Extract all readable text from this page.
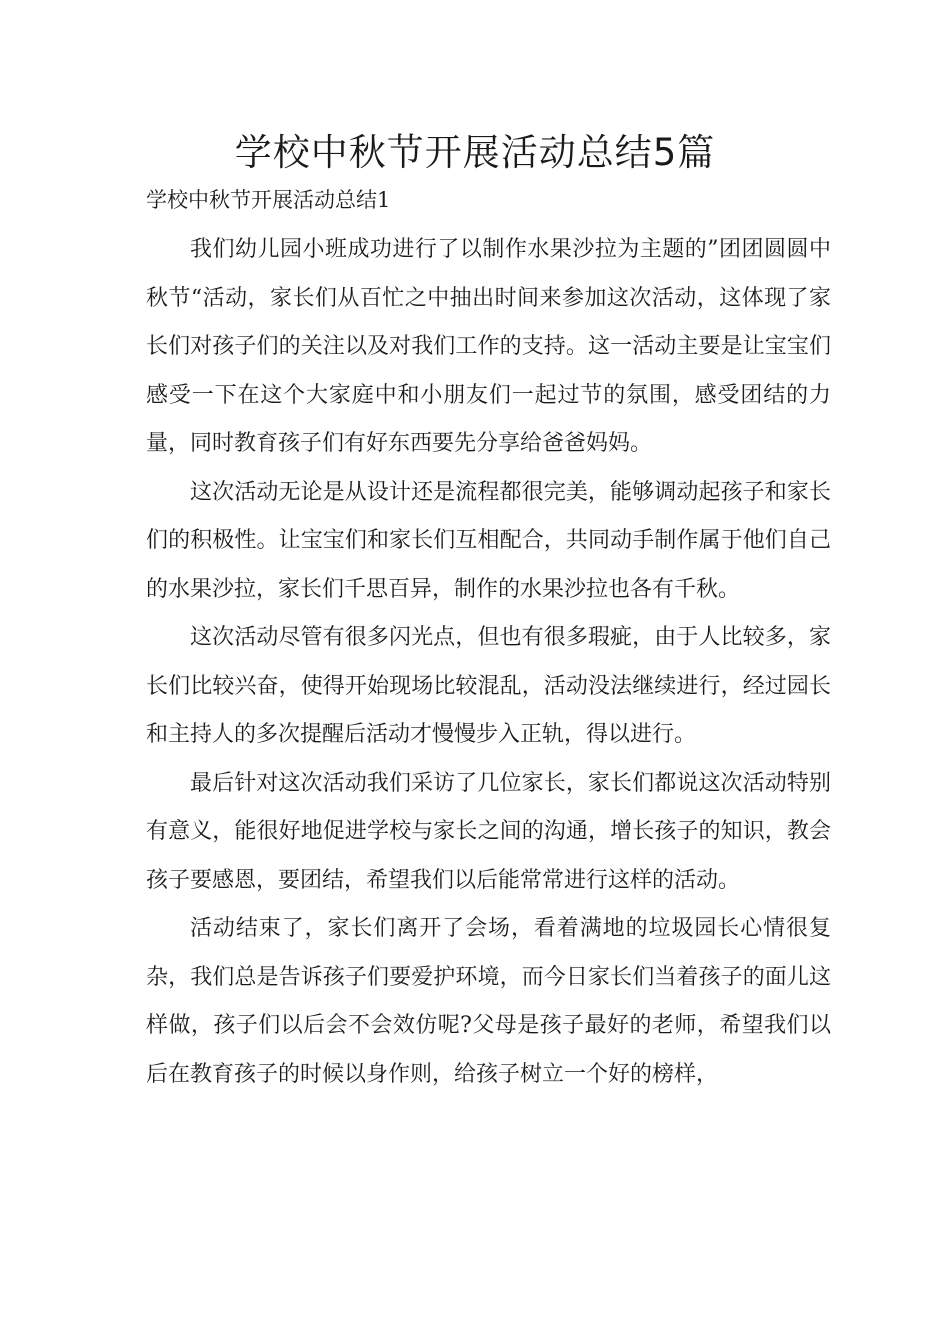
学校中秋节开展活动总结5篇
学校中秋节开展活动总结1

我们幼儿园小班成功进行了以制作水果沙拉为主题的”团团圆圆中秋节“活动，家长们从百忙之中抽出时间来参加这次活动，这体现了家长们对孩子们的关注以及对我们工作的支持。这一活动主要是让宝宝们感受一下在这个大家庭中和小朋友们一起过节的氛围，感受团结的力量，同时教育孩子们有好东西要先分享给爸爸妈妈。

这次活动无论是从设计还是流程都很完美，能够调动起孩子和家长们的积极性。让宝宝们和家长们互相配合，共同动手制作属于他们自己的水果沙拉，家长们千思百异，制作的水果沙拉也各有千秋。

这次活动尽管有很多闪光点，但也有很多瑕疵，由于人比较多，家长们比较兴奋，使得开始现场比较混乱，活动没法继续进行，经过园长和主持人的多次提醒后活动才慢慢步入正轨，得以进行。

最后针对这次活动我们采访了几位家长，家长们都说这次活动特别有意义，能很好地促进学校与家长之间的沟通，增长孩子的知识，教会孩子要感恩，要团结，希望我们以后能常常进行这样的活动。

活动结束了，家长们离开了会场，看着满地的垃圾园长心情很复杂，我们总是告诉孩子们要爱护环境，而今日家长们当着孩子的面儿这样做，孩子们以后会不会效仿呢?父母是孩子最好的老师，希望我们以后在教育孩子的时候以身作则，给孩子树立一个好的榜样，
